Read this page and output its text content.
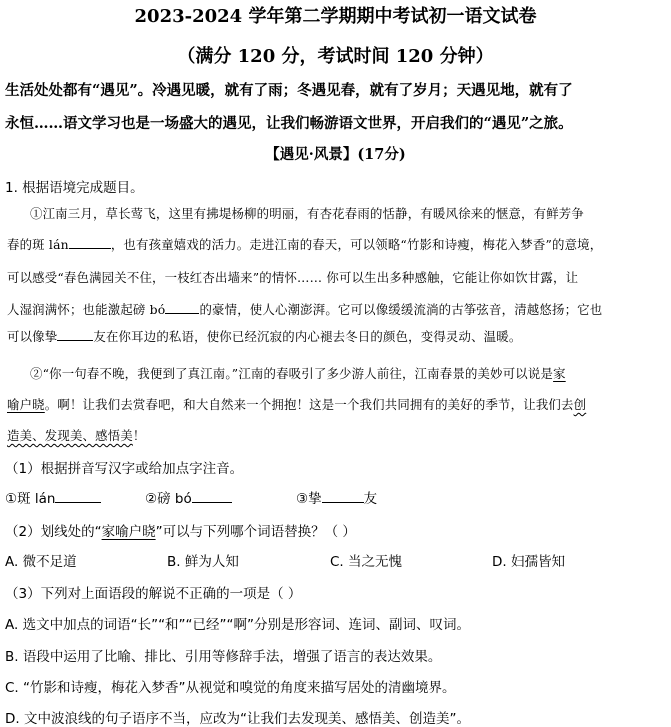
2023-2024 学年第二学期期中考试初一语文试卷
（满分 120 分，考试时间 120 分钟）
生活处处都有“遇见”。冷遇见暖，就有了雨；冬遇见春，就有了岁月；天遇见地，就有了
永恒……语文学习也是一场盛大的遇见，让我们畅游语文世界，开启我们的“遇见”之旅。
【遇见·风景】(17分)
1. 根据语境完成题目。
①江南三月，草长莺飞，这里有拂堤杨柳的明丽，有杏花春雨的恬静，有暖风徐来的惬意，有鲜芳争
春的斑 lán	，也有孩童嬉戏的活力。走进江南的春天，可以领略“竹影和诗瘦，梅花入梦香”的意境，
可以感受“春色满园关不住，一枝红杏出墙来”的情怀…… 你可以生出多种感触，它能让你如饮甘露，让
人湿润满怀；也能激起磅 bó	的豪情，使人心潮澎湃。它可以像缓缓流淌的古筝弦音，清越悠扬；它也
可以像挚	友在你耳边的私语，使你已经沉寂的内心褪去冬日的颜色，变得灵动、温暖。
②“你一句春不晚，我便到了真江南。”江南的春吸引了多少游人前往，江南春景的美妙可以说是家
喻户晓。啊！让我们去赏春吧，和大自然来一个拥抱！这是一个我们共同拥有的美好的季节，让我们去创
造美、发现美、感悟美！
（1）根据拼音写汉字或给加点字注音。
①斑 lán	②磅 bó	③挚	友
（2）划线处的“家喻户晓”可以与下列哪个词语替换？（ ）
A. 微不足道	B. 鲜为人知	C. 当之无愧	D. 妇孺皆知
（3）下列对上面语段的解说不正确的一项是（ ）
A. 选文中加点的词语“长”“和”“已经”“啊”分别是形容词、连词、副词、叹词。
B. 语段中运用了比喻、排比、引用等修辞手法，增强了语言的表达效果。
C. “竹影和诗瘦，梅花入梦香”从视觉和嗅觉的角度来描写居处的清幽境界。
D. 文中波浪线的句子语序不当，应改为“让我们去发现美、感悟美、创造美”。
